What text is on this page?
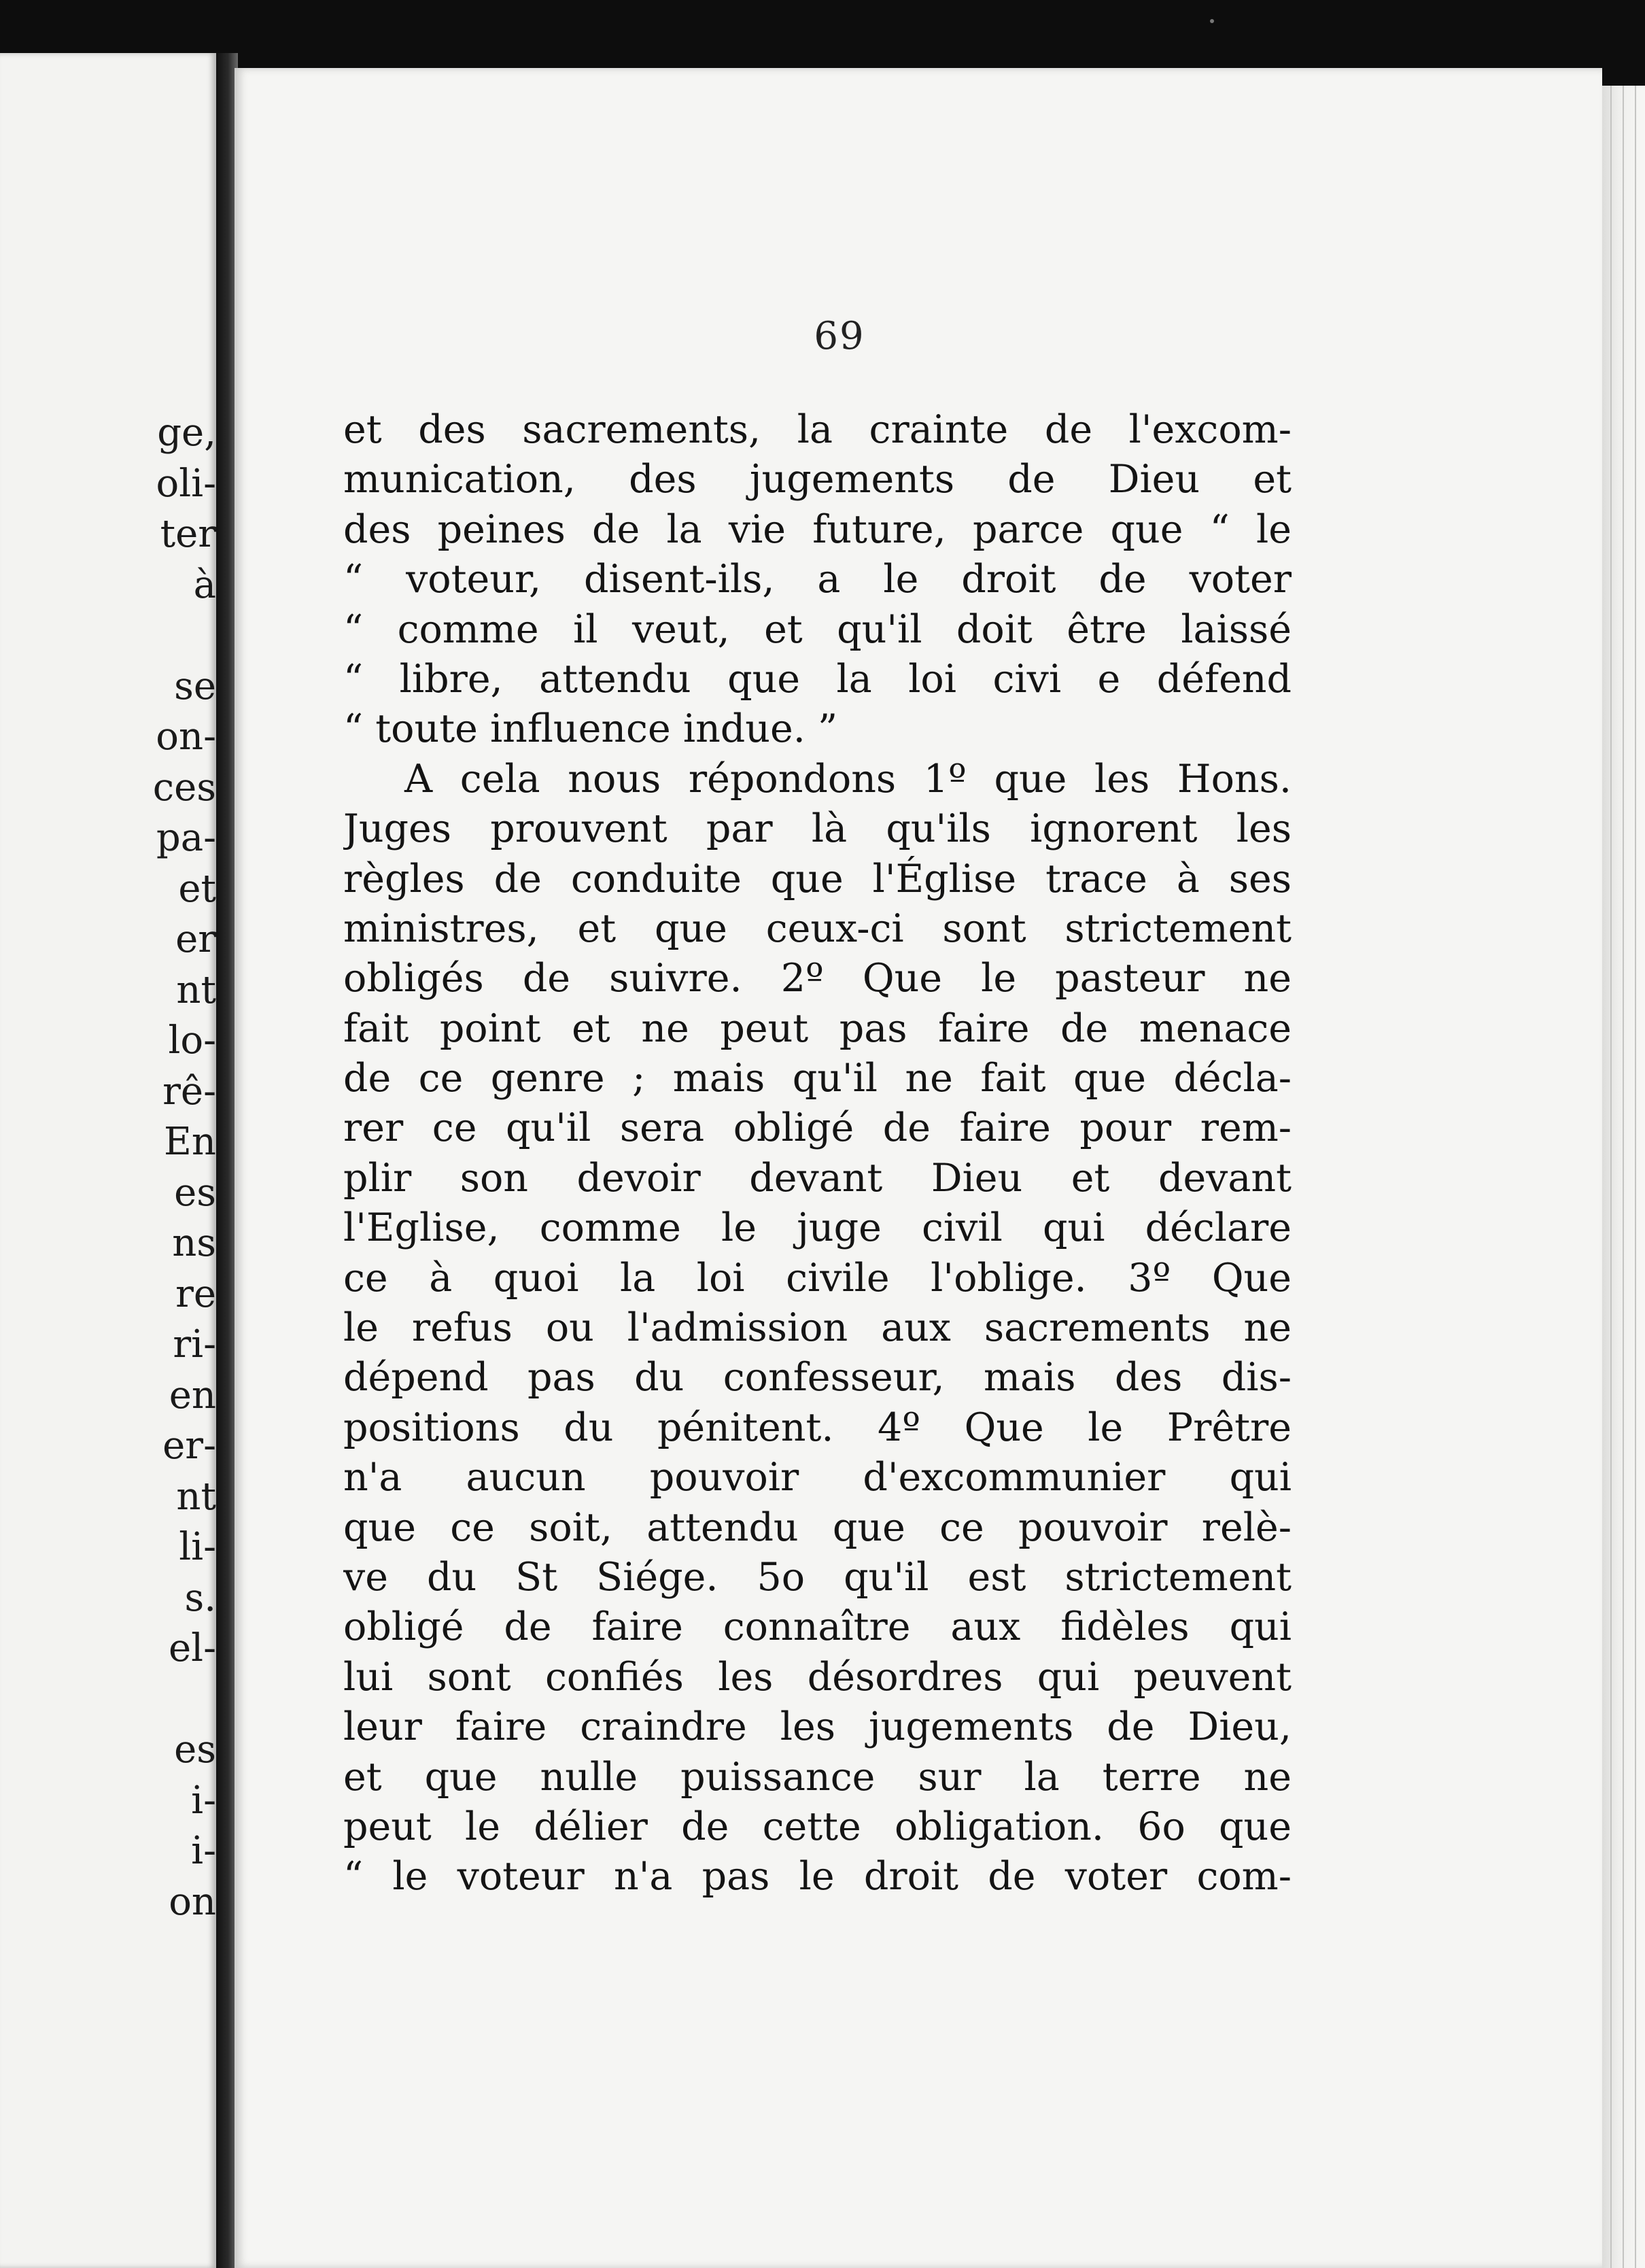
ge,
oli-
ter
à
se
on-
ces
pa-
et
er
nt
lo-
rê-
En
es
ns
re
ri-
en
er-
nt
li-
s.
el-
es
i-
i-
on
69
et des sacrements, la crainte de l'excom-
munication, des jugements de Dieu et
des peines de la vie future, parce que “ le
“ voteur, disent-ils, a le droit de voter
“ comme il veut, et qu'il doit être laissé
“ libre, attendu que la loi civi e défend
“ toute influence indue. ”
A cela nous répondons 1º que les Hons.
Juges prouvent par là qu'ils ignorent les
règles de conduite que l'Église trace à ses
ministres, et que ceux-ci sont strictement
obligés de suivre. 2º Que le pasteur ne
fait point et ne peut pas faire de menace
de ce genre ; mais qu'il ne fait que décla-
rer ce qu'il sera obligé de faire pour rem-
plir son devoir devant Dieu et devant
l'Eglise, comme le juge civil qui déclare
ce à quoi la loi civile l'oblige. 3º Que
le refus ou l'admission aux sacrements ne
dépend pas du confesseur, mais des dis-
positions du pénitent. 4º Que le Prêtre
n'a aucun pouvoir d'excommunier qui
que ce soit, attendu que ce pouvoir relè-
ve du St Siége. 5o qu'il est strictement
obligé de faire connaître aux fidèles qui
lui sont confiés les désordres qui peuvent
leur faire craindre les jugements de Dieu,
et que nulle puissance sur la terre ne
peut le délier de cette obligation. 6o que
“ le voteur n'a pas le droit de voter com-
